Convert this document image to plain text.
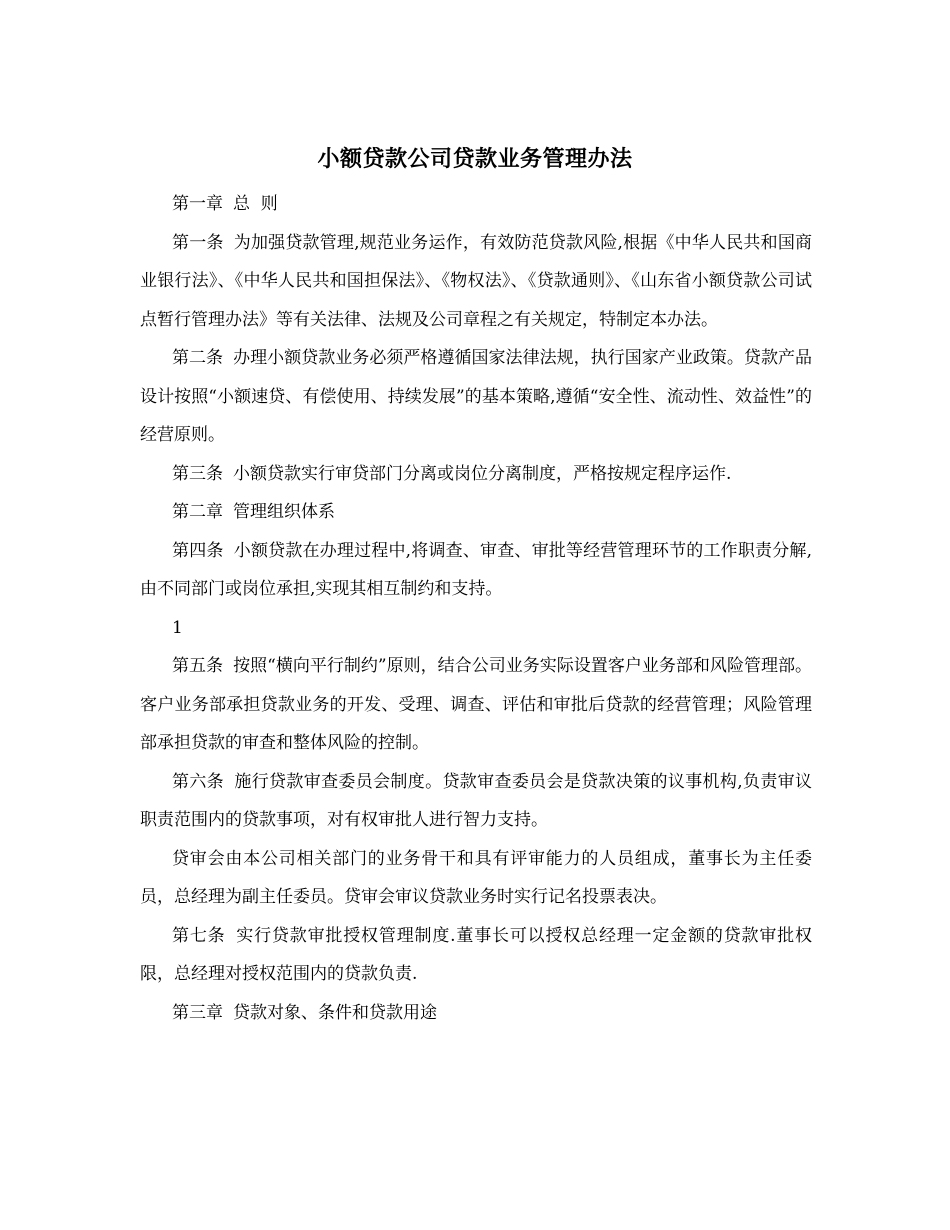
小额贷款公司贷款业务管理办法

第一章 总  则

第一条 为加强贷款管理,规范业务运作，有效防范贷款风险,根据《中华人民共和国商业银行法》、《中华人民共和国担保法》、《物权法》、《贷款通则》、《山东省小额贷款公司试点暂行管理办法》等有关法律、法规及公司章程之有关规定，特制定本办法。

第二条 办理小额贷款业务必须严格遵循国家法律法规，执行国家产业政策。贷款产品设计按照“小额速贷、有偿使用、持续发展”的基本策略,遵循“安全性、流动性、效益性”的经营原则。

第三条 小额贷款实行审贷部门分离或岗位分离制度，严格按规定程序运作.

第二章 管理组织体系

第四条 小额贷款在办理过程中,将调查、审查、审批等经营管理环节的工作职责分解,由不同部门或岗位承担,实现其相互制约和支持。

1

第五条 按照“横向平行制约”原则，结合公司业务实际设置客户业务部和风险管理部。客户业务部承担贷款业务的开发、受理、调查、评估和审批后贷款的经营管理；风险管理部承担贷款的审查和整体风险的控制。

第六条 施行贷款审查委员会制度。贷款审查委员会是贷款决策的议事机构,负责审议职责范围内的贷款事项，对有权审批人进行智力支持。

贷审会由本公司相关部门的业务骨干和具有评审能力的人员组成，董事长为主任委员，总经理为副主任委员。贷审会审议贷款业务时实行记名投票表决。

第七条 实行贷款审批授权管理制度.董事长可以授权总经理一定金额的贷款审批权限，总经理对授权范围内的贷款负责.

第三章 贷款对象、条件和贷款用途
